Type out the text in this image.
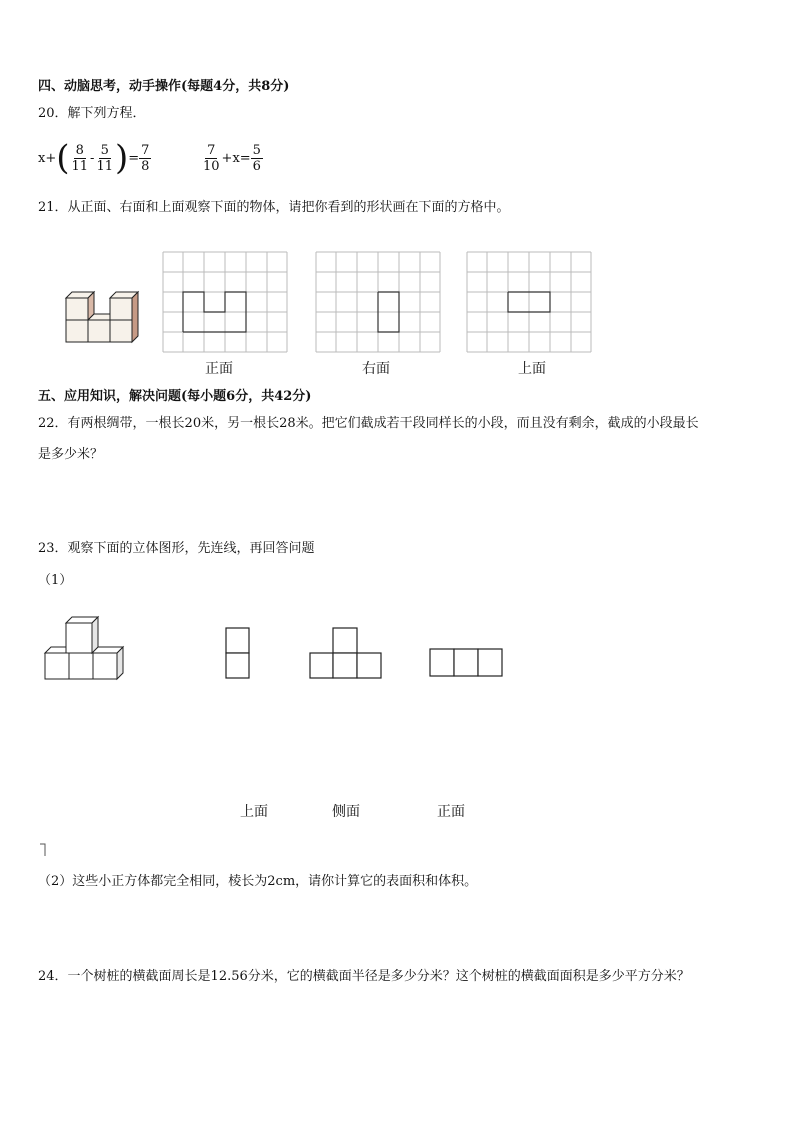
四、动脑思考，动手操作(每题4分，共8分)
20．解下列方程．
x+ ( $\frac{8}{11} - \frac{5}{11}$ ) = $\frac{7}{8}$	$\frac{7}{10} +x= \frac{5}{6}$
21．从正面、右面和上面观察下面的物体，请把你看到的形状画在下面的方格中。
正面	右面	上面
五、应用知识，解决问题(每小题6分，共42分)
22．有两根绸带，一根长20米，另一根长28米。把它们截成若干段同样长的小段，而且没有剩余，截成的小段最长
是多少米？
23．观察下面的立体图形，先连线，再回答问题
（1）
上面	侧面	正面
（2）这些小正方体都完全相同，棱长为2cm，请你计算它的表面积和体积。
24．一个树桩的横截面周长是12.56分米，它的横截面半径是多少分米？这个树桩的横截面面积是多少平方分米？
